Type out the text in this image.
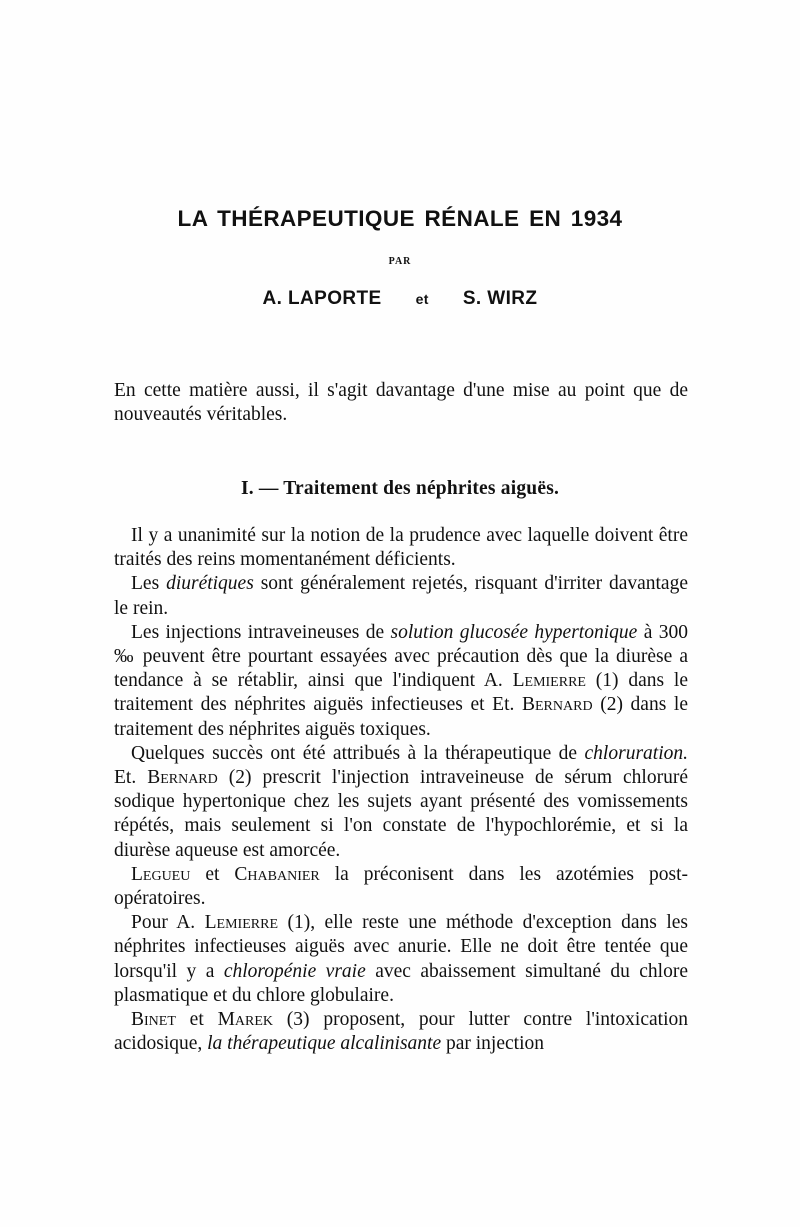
LA THÉRAPEUTIQUE RÉNALE EN 1934
PAR
A. LAPORTE et S. WIRZ

En cette matière aussi, il s'agit davantage d'une mise au point que de nouveautés véritables.

I. — Traitement des néphrites aiguës.

Il y a unanimité sur la notion de la prudence avec laquelle doivent être traités des reins momentanément déficients.

Les diurétiques sont généralement rejetés, risquant d'irriter davantage le rein.

Les injections intraveineuses de solution glucosée hypertonique à 300 ‰ peuvent être pourtant essayées avec précaution dès que la diurèse a tendance à se rétablir, ainsi que l'indiquent A. Lemierre (1) dans le traitement des néphrites aiguës infectieuses et Et. Bernard (2) dans le traitement des néphrites aiguës toxiques.

Quelques succès ont été attribués à la thérapeutique de chloruration. Et. Bernard (2) prescrit l'injection intraveineuse de sérum chloruré sodique hypertonique chez les sujets ayant présenté des vomissements répétés, mais seulement si l'on constate de l'hypochlorémie, et si la diurèse aqueuse est amorcée.

Legueu et Chabanier la préconisent dans les azotémies post-opératoires.

Pour A. Lemierre (1), elle reste une méthode d'exception dans les néphrites infectieuses aiguës avec anurie. Elle ne doit être tentée que lorsqu'il y a chloropénie vraie avec abaissement simultané du chlore plasmatique et du chlore globulaire.

Binet et Marek (3) proposent, pour lutter contre l'intoxication acidosique, la thérapeutique alcalinisante par injection
